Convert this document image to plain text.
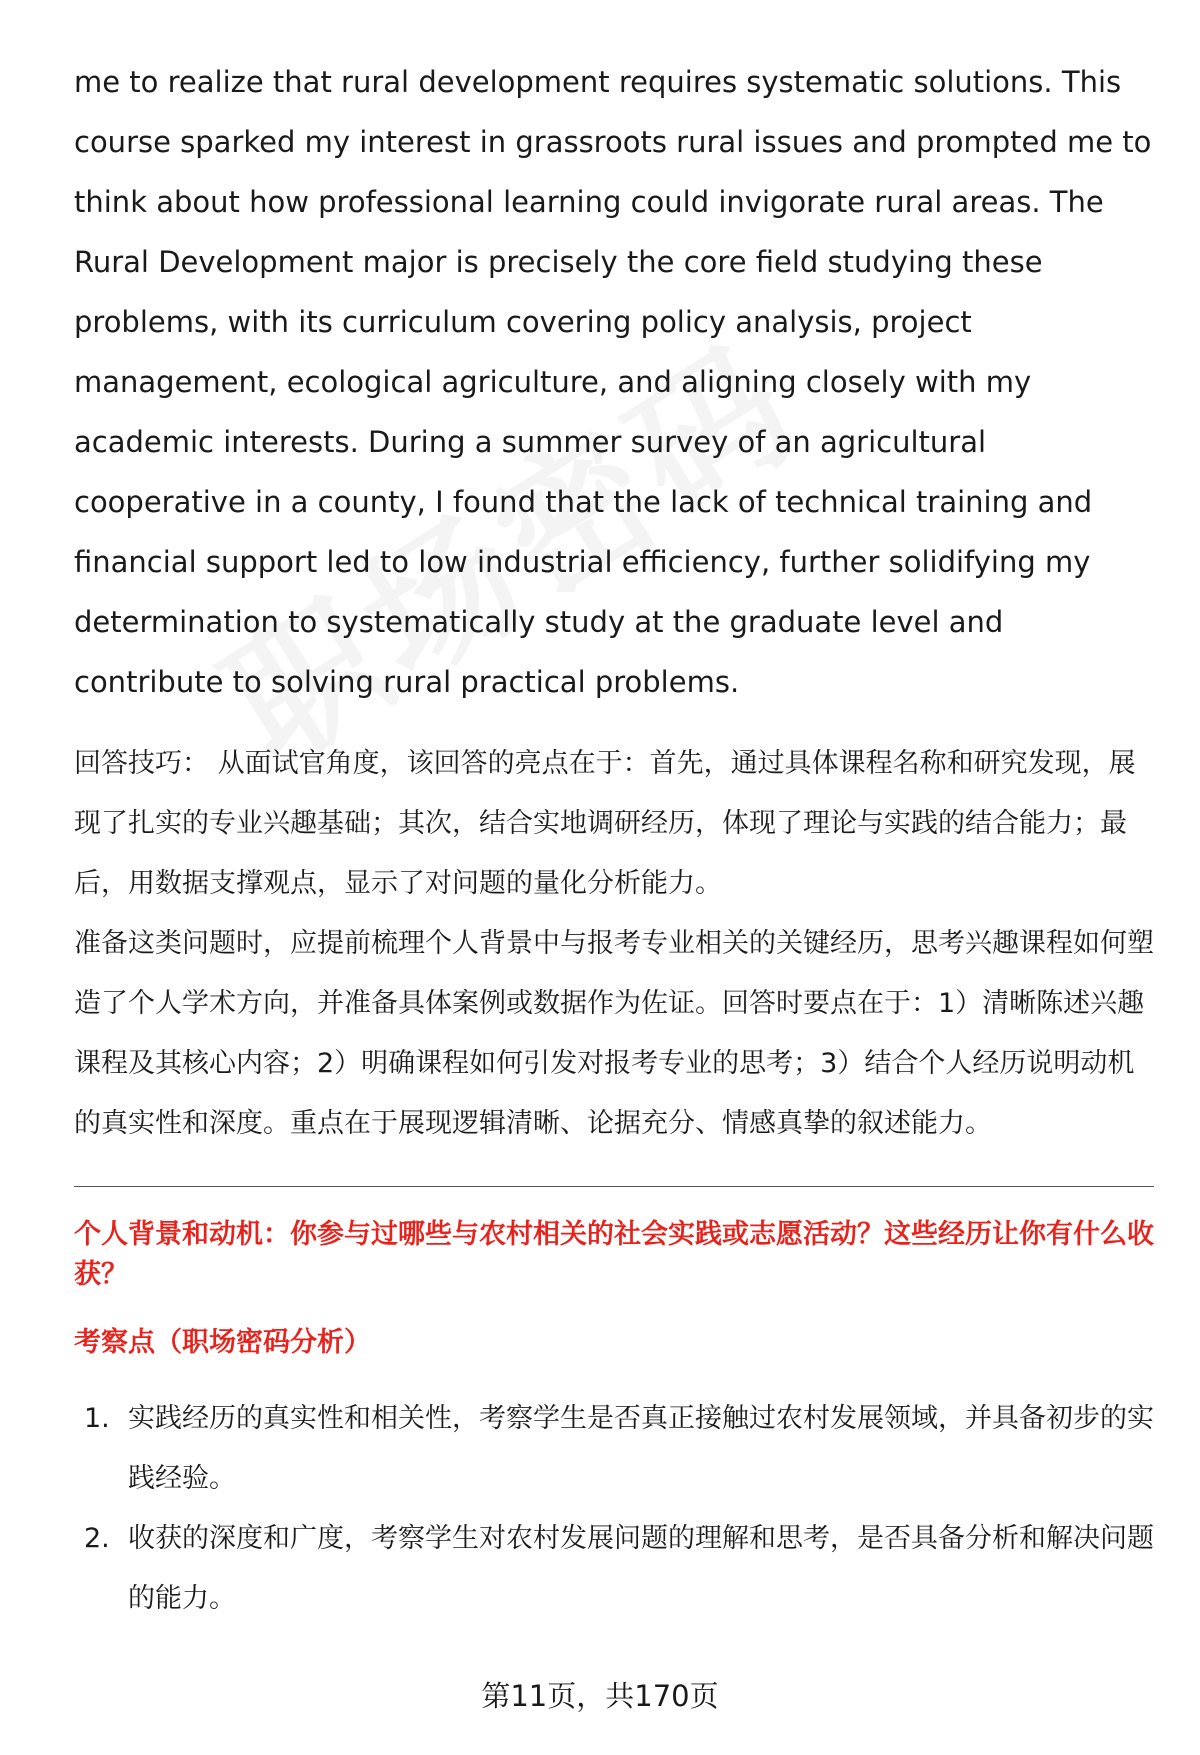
me to realize that rural development requires systematic solutions. This course sparked my interest in grassroots rural issues and prompted me to think about how professional learning could invigorate rural areas. The Rural Development major is precisely the core field studying these problems, with its curriculum covering policy analysis, project management, ecological agriculture, and aligning closely with my academic interests. During a summer survey of an agricultural cooperative in a county, I found that the lack of technical training and financial support led to low industrial efficiency, further solidifying my determination to systematically study at the graduate level and contribute to solving rural practical problems.

回答技巧： 从面试官角度，该回答的亮点在于：首先，通过具体课程名称和研究发现，展现了扎实的专业兴趣基础；其次，结合实地调研经历，体现了理论与实践的结合能力；最后，用数据支撑观点，显示了对问题的量化分析能力。

准备这类问题时，应提前梳理个人背景中与报考专业相关的关键经历，思考兴趣课程如何塑造了个人学术方向，并准备具体案例或数据作为佐证。回答时要点在于：1）清晰陈述兴趣课程及其核心内容；2）明确课程如何引发对报考专业的思考；3）结合个人经历说明动机的真实性和深度。重点在于展现逻辑清晰、论据充分、情感真挚的叙述能力。

个人背景和动机：你参与过哪些与农村相关的社会实践或志愿活动？这些经历让你有什么收获？

考察点（职场密码分析）

1. 实践经历的真实性和相关性，考察学生是否真正接触过农村发展领域，并具备初步的实践经验。
2. 收获的深度和广度，考察学生对农村发展问题的理解和思考，是否具备分析和解决问题的能力。
第11页，共170页
